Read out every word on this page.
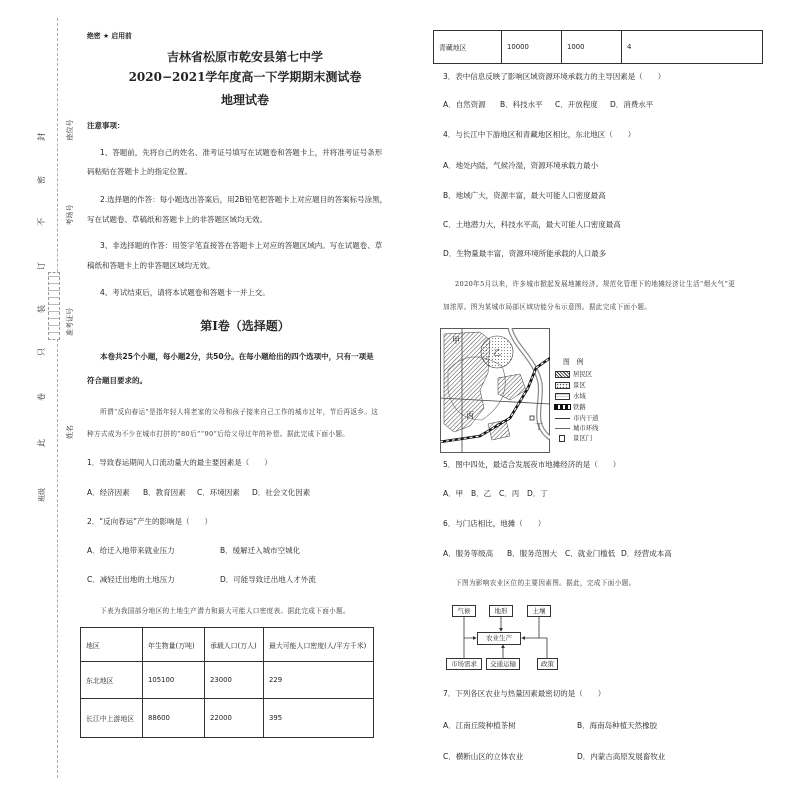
封
密
不
订
装
只
卷
此
座位号
考场号
准考证号
姓名
班级
绝密 ★ 启用前
吉林省松原市乾安县第七中学
2020−2021学年度高一下学期期末测试卷
地理试卷
注意事项：
1、答题前，先将自己的姓名、准考证号填写在试题卷和答题卡上，并将准考证号条形
码粘贴在答题卡上的指定位置。
2.选择题的作答：每小题选出答案后，用2B铅笔把答题卡上对应题目的答案标号涂黑，
写在试题卷、草稿纸和答题卡上的非答题区域均无效。
3、非选择题的作答：用签字笔直接答在答题卡上对应的答题区域内。写在试题卷、草
稿纸和答题卡上的非答题区域均无效。
4、考试结束后，请将本试题卷和答题卡一并上交。
第Ⅰ卷（选择题）
本卷共25个小题，每小题2分，共50分。在每小题给出的四个选项中，只有一项是
符合题目要求的。
所谓“反向春运”是指年轻人将老家的父母和孩子接来自己工作的城市过年，节后再返乡。这
种方式成为不少在城市打拼的“80后”“90”后给父母过年的补偿。据此完成下面小题。
1．导致春运期间人口流动量大的最主要因素是（　　）
A．经济因素 B．教育因素 C．环境因素 D．社会文化因素
2．“反向春运”产生的影响是（　　）
A．给迁入地带来就业压力	B．缓解迁入城市空城化
C．减轻迁出地的土地压力	D．可能导致迁出地人才外流
下表为我国部分地区的土地生产潜力和最大可能人口密度表。据此完成下面小题。
地区	年生物量(万吨)	承载人口(万人)	最大可能人口密度(人/平方千米)
东北地区	105100	23000	229
长江中上游地区	88600	22000	395
青藏地区	10000	1000	4
3．表中信息反映了影响区域资源环境承载力的主导因素是（　　）
A．自然资源 B．科技水平 C．开放程度 D．消费水平
4．与长江中下游地区和青藏地区相比，东北地区（　　）
A．地处内陆，气候冷湿，资源环境承载力最小
B．地域广大，资源丰富，最大可能人口密度最高
C．土地潜力大，科技水平高，最大可能人口密度最高
D．生物量最丰富，资源环境所能承载的人口最多
2020年5月以来，许多城市掀起发展地摊经济。规范化管理下的地摊经济让生活“烟火气”更
加浓厚。图为某城市局部区域功能分布示意图。据此完成下面小题。
甲
乙
丙
丁
图　例
居民区
景区
水域
铁路
市内干道
城市环线
景区门
5．图中四处，最适合发展夜市地摊经济的是（　　）
A．甲 B．乙 C．丙 D．丁
6．与门店相比，地摊（　　）
A．服务等级高 B．服务范围大 C．就业门槛低 D．经营成本高
下图为影响农业区位的主要因素图。据此，完成下面小题。
气候	地形	土壤
农业生产
市场需求	交通运输	政策
7．下列各区农业与热量因素最密切的是（　　）
A．江南丘陵种植茶树	B．海南岛种植天然橡胶
C．横断山区的立体农业	D．内蒙古高原发展畜牧业
